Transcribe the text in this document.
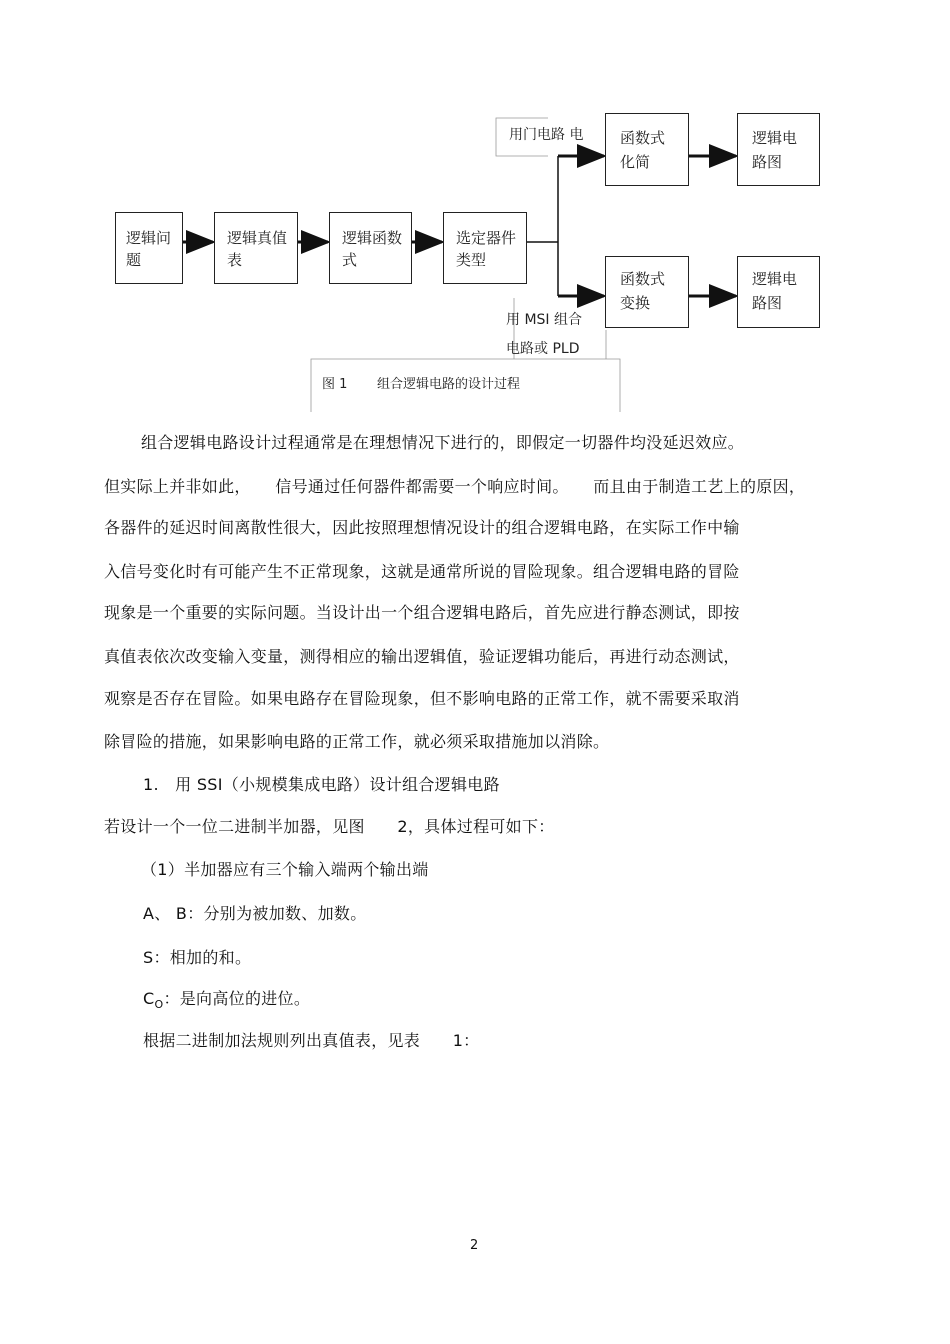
逻辑问题
逻辑真值表
逻辑函数式
选定器件类型
函数式化简
逻辑电路图
函数式变换
逻辑电路图
用门电路 电
用 MSI 组合
电路或 PLD
图 1 组合逻辑电路的设计过程
组合逻辑电路设计过程通常是在理想情况下进行的，即假定一切器件均没延迟效应。
但实际上并非如此，　　信号通过任何器件都需要一个响应时间。　　而且由于制造工艺上的原因，
各器件的延迟时间离散性很大，因此按照理想情况设计的组合逻辑电路，在实际工作中输
入信号变化时有可能产生不正常现象，这就是通常所说的冒险现象。组合逻辑电路的冒险
现象是一个重要的实际问题。当设计出一个组合逻辑电路后，首先应进行静态测试，即按
真值表依次改变输入变量，测得相应的输出逻辑值，验证逻辑功能后，再进行动态测试，
观察是否存在冒险。如果电路存在冒险现象，但不影响电路的正常工作，就不需要采取消
除冒险的措施，如果影响电路的正常工作，就必须采取措施加以消除。
1.　用 SSI（小规模集成电路）设计组合逻辑电路
若设计一个一位二进制半加器，见图　　2，具体过程可如下：
（1）半加器应有三个输入端两个输出端
A、 B：分别为被加数、加数。
S：相加的和。
$C_O$：是向高位的进位。
根据二进制加法规则列出真值表，见表　　1：
2
